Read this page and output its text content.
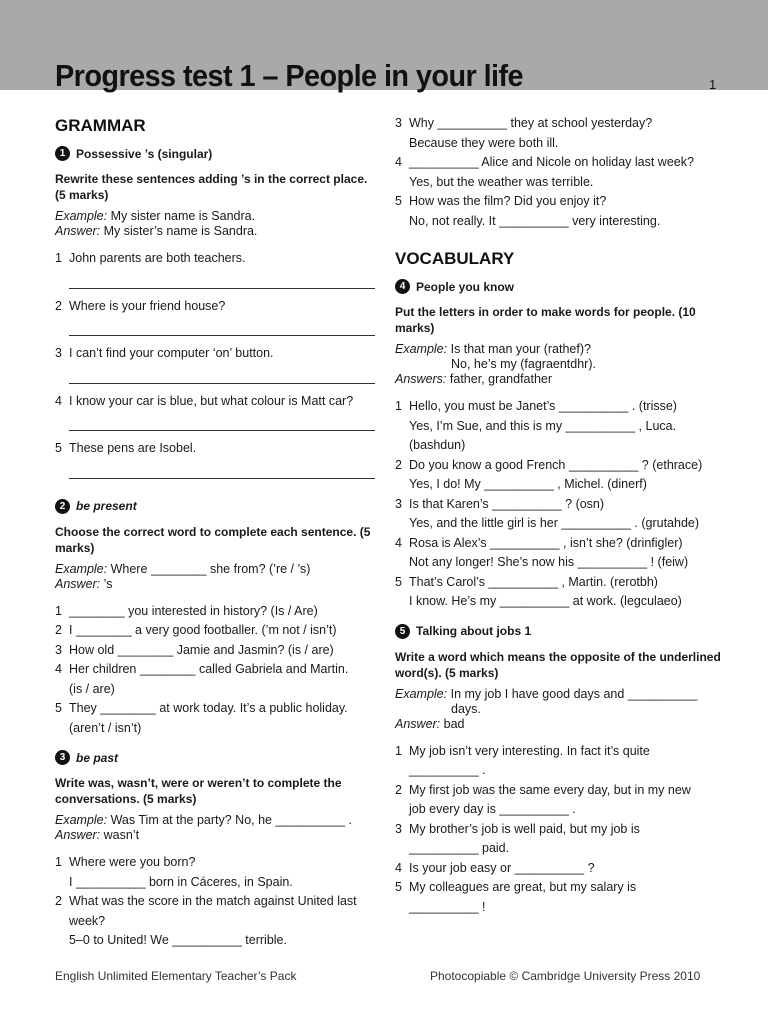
Progress test 1 – People in your life	1
GRAMMAR
1 Possessive ’s (singular)
Rewrite these sentences adding ’s in the correct place. (5 marks)
Example: My sister name is Sandra.
Answer: My sister’s name is Sandra.
1 John parents are both teachers.
2 Where is your friend house?
3 I can’t find your computer ‘on’ button.
4 I know your car is blue, but what colour is Matt car?
5 These pens are Isobel.
2 be present
Choose the correct word to complete each sentence. (5 marks)
Example: Where ________ she from? (’re / ’s)
Answer: ’s
1 ________ you interested in history? (Is / Are)
2 I ________ a very good footballer. (’m not / isn’t)
3 How old ________ Jamie and Jasmin? (is / are)
4 Her children ________ called Gabriela and Martin.
(is / are)
5 They ________ at work today. It’s a public holiday.
(aren’t / isn’t)
3 be past
Write was, wasn’t, were or weren’t to complete the conversations. (5 marks)
Example: Was Tim at the party? No, he __________ .
Answer: wasn’t
1 Where were you born?
I __________ born in Cáceres, in Spain.
2 What was the score in the match against United last week?
5–0 to United! We __________ terrible.
3 Why __________ they at school yesterday?
Because they were both ill.
4 __________ Alice and Nicole on holiday last week?
Yes, but the weather was terrible.
5 How was the film? Did you enjoy it?
No, not really. It __________ very interesting.
VOCABULARY
4 People you know
Put the letters in order to make words for people. (10 marks)
Example: Is that man your (rathef)?
No, he’s my (fagraentdhr).
Answers: father, grandfather
1 Hello, you must be Janet’s __________ . (trisse)
Yes, I’m Sue, and this is my __________ , Luca.
(bashdun)
2 Do you know a good French __________ ? (ethrace)
Yes, I do! My __________ , Michel. (dinerf)
3 Is that Karen’s __________ ? (osn)
Yes, and the little girl is her __________ . (grutahde)
4 Rosa is Alex’s __________ , isn’t she? (drinfigler)
Not any longer! She’s now his __________ ! (feiw)
5 That’s Carol’s __________ , Martin. (rerotbh)
I know. He’s my __________ at work. (legculaeo)
5 Talking about jobs 1
Write a word which means the opposite of the underlined word(s). (5 marks)
Example: In my job I have good days and __________
days.
Answer: bad
1 My job isn’t very interesting. In fact it’s quite
__________ .
2 My first job was the same every day, but in my new
job every day is __________ .
3 My brother’s job is well paid, but my job is
__________ paid.
4 Is your job easy or __________ ?
5 My colleagues are great, but my salary is
__________ !
English Unlimited Elementary Teacher’s Pack	Photocopiable © Cambridge University Press 2010
